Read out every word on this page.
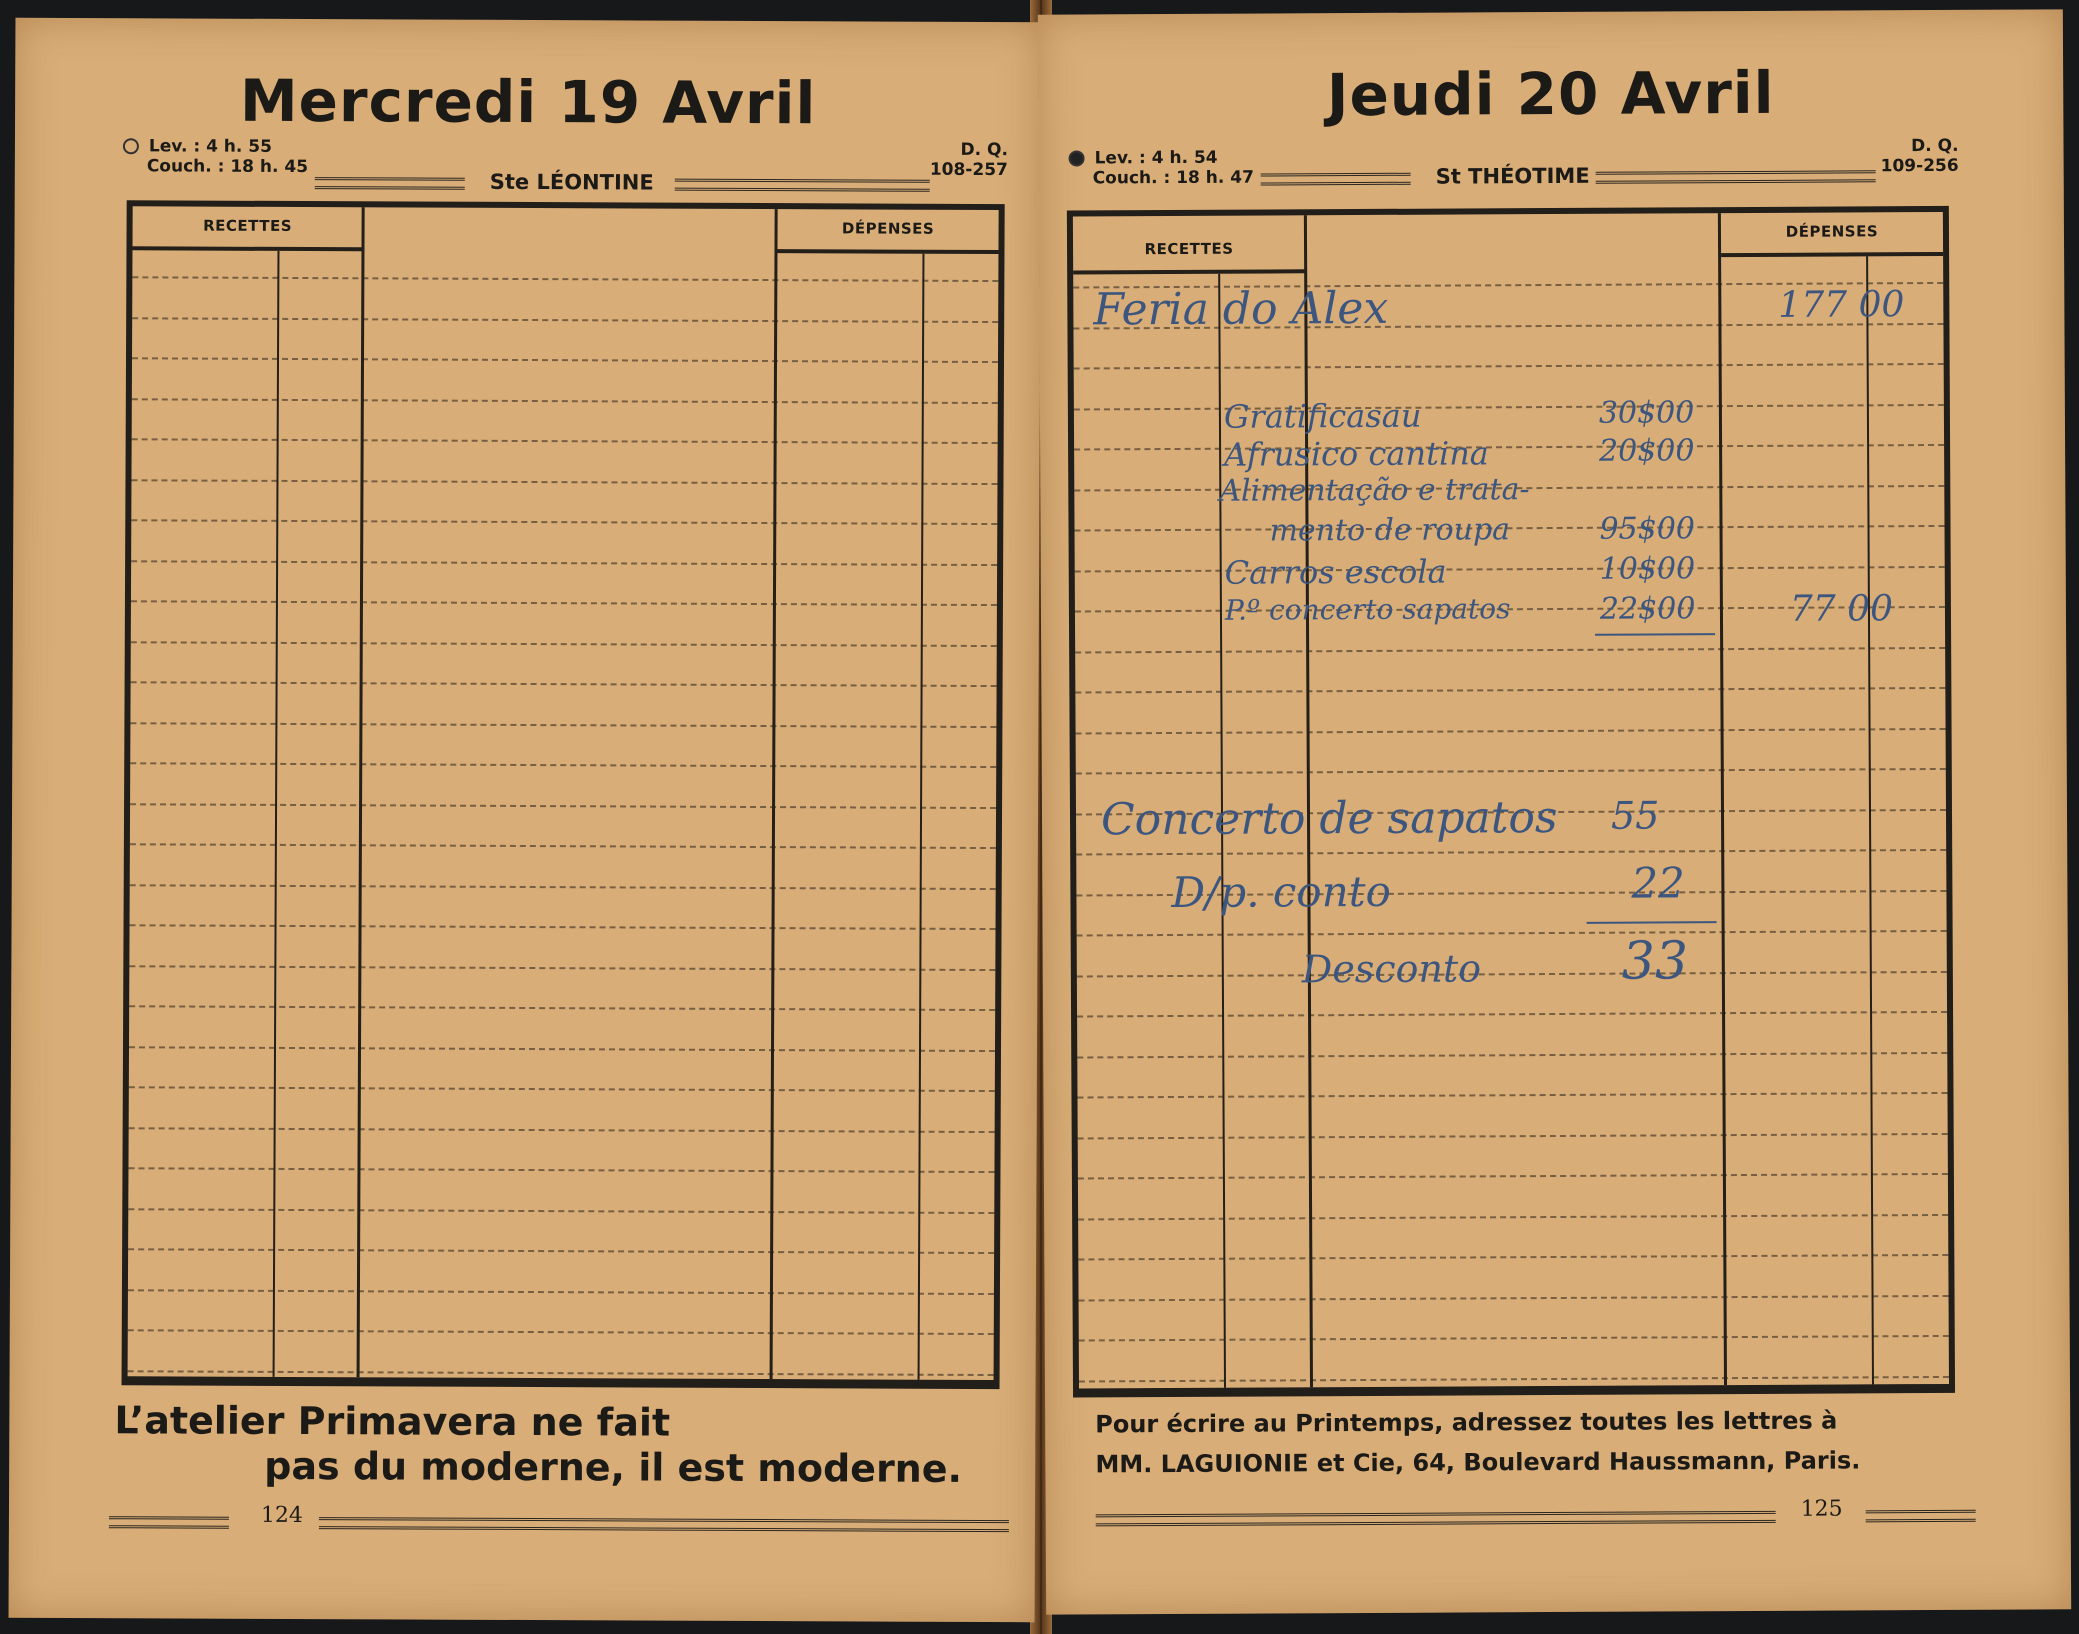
Mercredi 19 Avril
Lev. : 4 h. 55
Couch. : 18 h. 45
Ste LÉONTINE
D. Q.
108-257
RECETTES	DÉPENSES
L’atelier Primavera ne fait
pas du moderne, il est moderne.
124
Jeudi 20 Avril
Lev. : 4 h. 54
Couch. : 18 h. 47	St THÉOTIME
D. Q.
109-256
RECETTES
DÉPENSES
Feria do Alex	177 00
Gratificasau	30$00
Afrusico cantina	20$00
Alimentação e trata-
mento de roupa	95$00
Carros escola	10$00
P.º concerto sapatos	22$00	77 00
Concerto de sapatos 55
D/p. conto	22
Desconto	33
Pour écrire au Printemps, adressez toutes les lettres à
MM. LAGUIONIE et Cie, 64, Boulevard Haussmann, Paris.
125
